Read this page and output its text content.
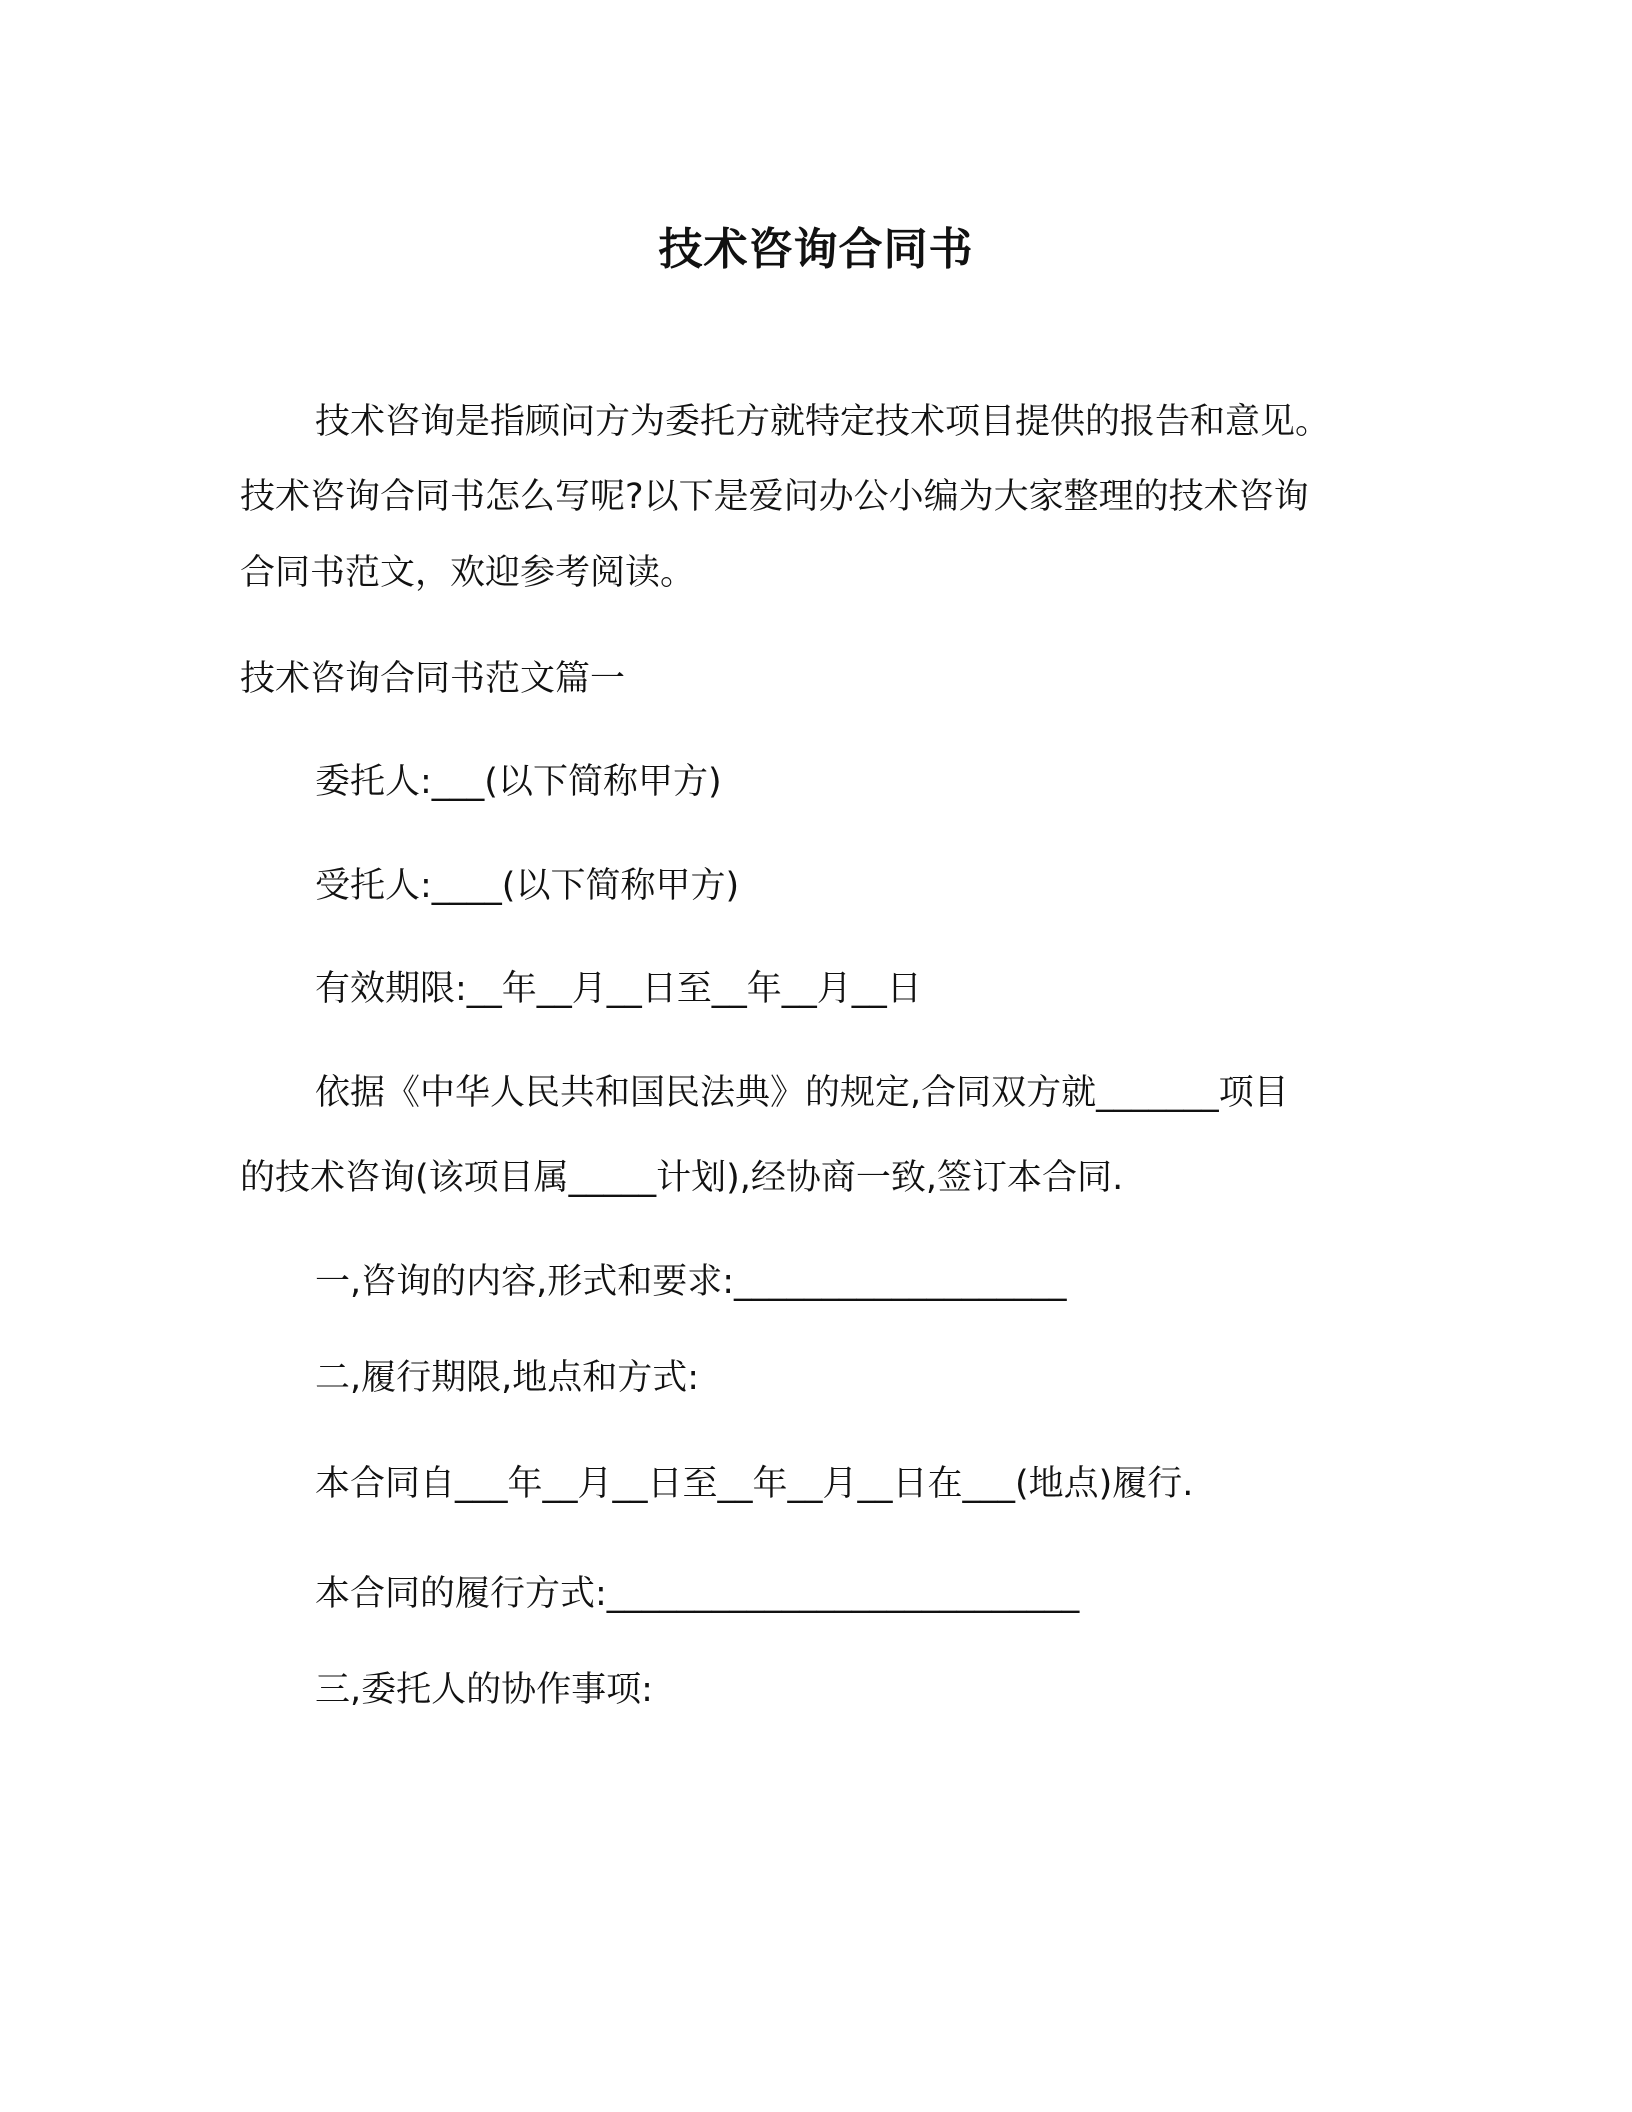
技术咨询合同书
技术咨询是指顾问方为委托方就特定技术项目提供的报告和意见。
技术咨询合同书怎么写呢?以下是爱问办公小编为大家整理的技术咨询
合同书范文，欢迎参考阅读。
技术咨询合同书范文篇一
委托人:___(以下简称甲方)
受托人:____(以下简称甲方)
有效期限:__年__月__日至__年__月__日
依据《中华人民共和国民法典》的规定,合同双方就_______项目
的技术咨询(该项目属_____计划),经协商一致,签订本合同.
一,咨询的内容,形式和要求:___________________
二,履行期限,地点和方式:
本合同自___年__月__日至__年__月__日在___(地点)履行.
本合同的履行方式:___________________________
三,委托人的协作事项:
